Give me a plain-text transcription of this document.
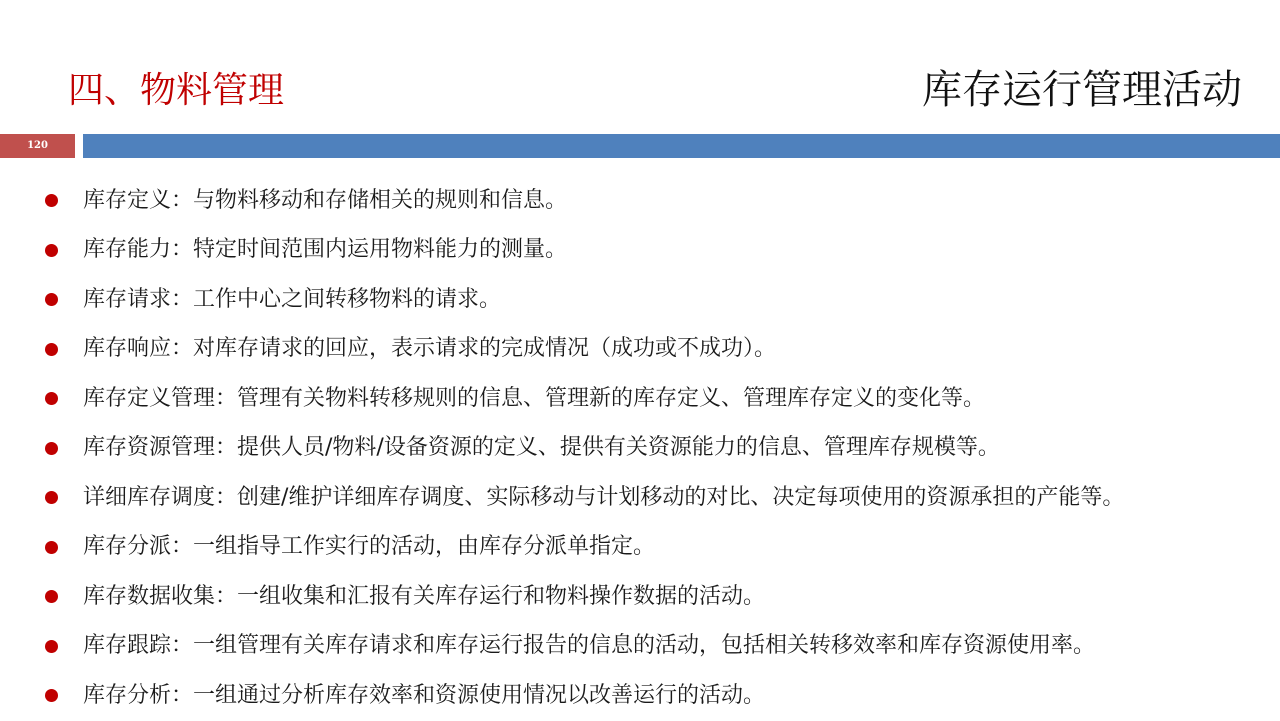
四、物料管理	库存运行管理活动
120
库存定义：与物料移动和存储相关的规则和信息。
库存能力：特定时间范围内运用物料能力的测量。
库存请求：工作中心之间转移物料的请求。
库存响应：对库存请求的回应，表示请求的完成情况（成功或不成功）。
库存定义管理：管理有关物料转移规则的信息、管理新的库存定义、管理库存定义的变化等。
库存资源管理：提供人员/物料/设备资源的定义、提供有关资源能力的信息、管理库存规模等。
详细库存调度：创建/维护详细库存调度、实际移动与计划移动的对比、决定每项使用的资源承担的产能等。
库存分派：一组指导工作实行的活动，由库存分派单指定。
库存数据收集：一组收集和汇报有关库存运行和物料操作数据的活动。
库存跟踪：一组管理有关库存请求和库存运行报告的信息的活动，包括相关转移效率和库存资源使用率。
库存分析：一组通过分析库存效率和资源使用情况以改善运行的活动。
